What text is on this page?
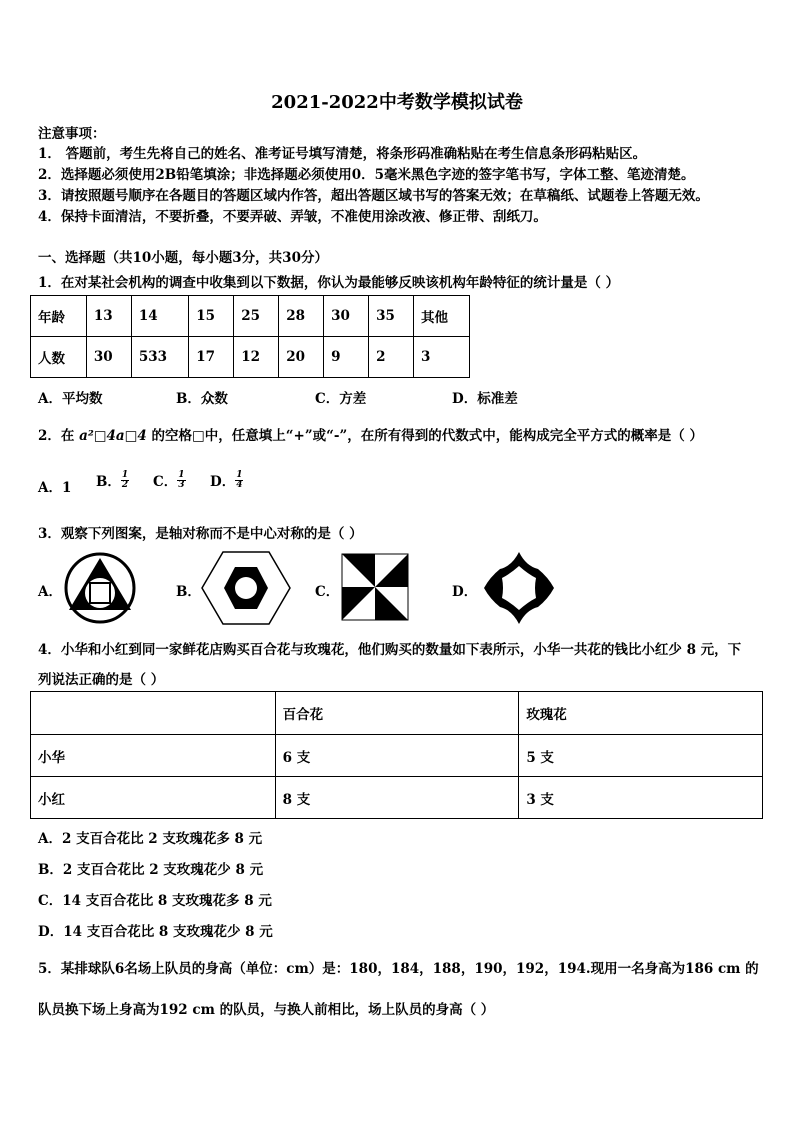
2021-2022中考数学模拟试卷
注意事项：
1． 答题前，考生先将自己的姓名、准考证号填写清楚，将条形码准确粘贴在考生信息条形码粘贴区。
2．选择题必须使用2B铅笔填涂；非选择题必须使用0．5毫米黑色字迹的签字笔书写，字体工整、笔迹清楚。
3．请按照题号顺序在各题目的答题区域内作答，超出答题区域书写的答案无效；在草稿纸、试题卷上答题无效。
4．保持卡面清洁，不要折叠，不要弄破、弄皱，不准使用涂改液、修正带、刮纸刀。
一、选择题（共10小题，每小题3分，共30分）
1．在对某社会机构的调查中收集到以下数据，你认为最能够反映该机构年龄特征的统计量是（ ）
年龄	13	14	15	25	28	30	35	其他
人数	30	533	17	12	20	9	2	3
A．平均数	B．众数	C．方差	D．标准差
2．在 a²□4a□4 的空格□中，任意填上“+”或“-”，在所有得到的代数式中，能构成完全平方式的概率是（ ）
A．1 B． $\frac{1}{2}$ C． $\frac{1}{3}$ D． $\frac{1}{4}$
3．观察下列图案，是轴对称而不是中心对称的是（ ）
A．	B．	C．	D．
4．小华和小红到同一家鲜花店购买百合花与玫瑰花，他们购买的数量如下表所示，小华一共花的钱比小红少 8 元，下
列说法正确的是（ ）
	百合花	玫瑰花
小华	6 支	5 支
小红	8 支	3 支
A．2 支百合花比 2 支玫瑰花多 8 元
B．2 支百合花比 2 支玫瑰花少 8 元
C．14 支百合花比 8 支玫瑰花多 8 元
D．14 支百合花比 8 支玫瑰花少 8 元
5．某排球队6名场上队员的身高（单位：cm）是：180，184，188，190，192，194.现用一名身高为186 cm 的
队员换下场上身高为192 cm 的队员，与换人前相比，场上队员的身高（ ）
